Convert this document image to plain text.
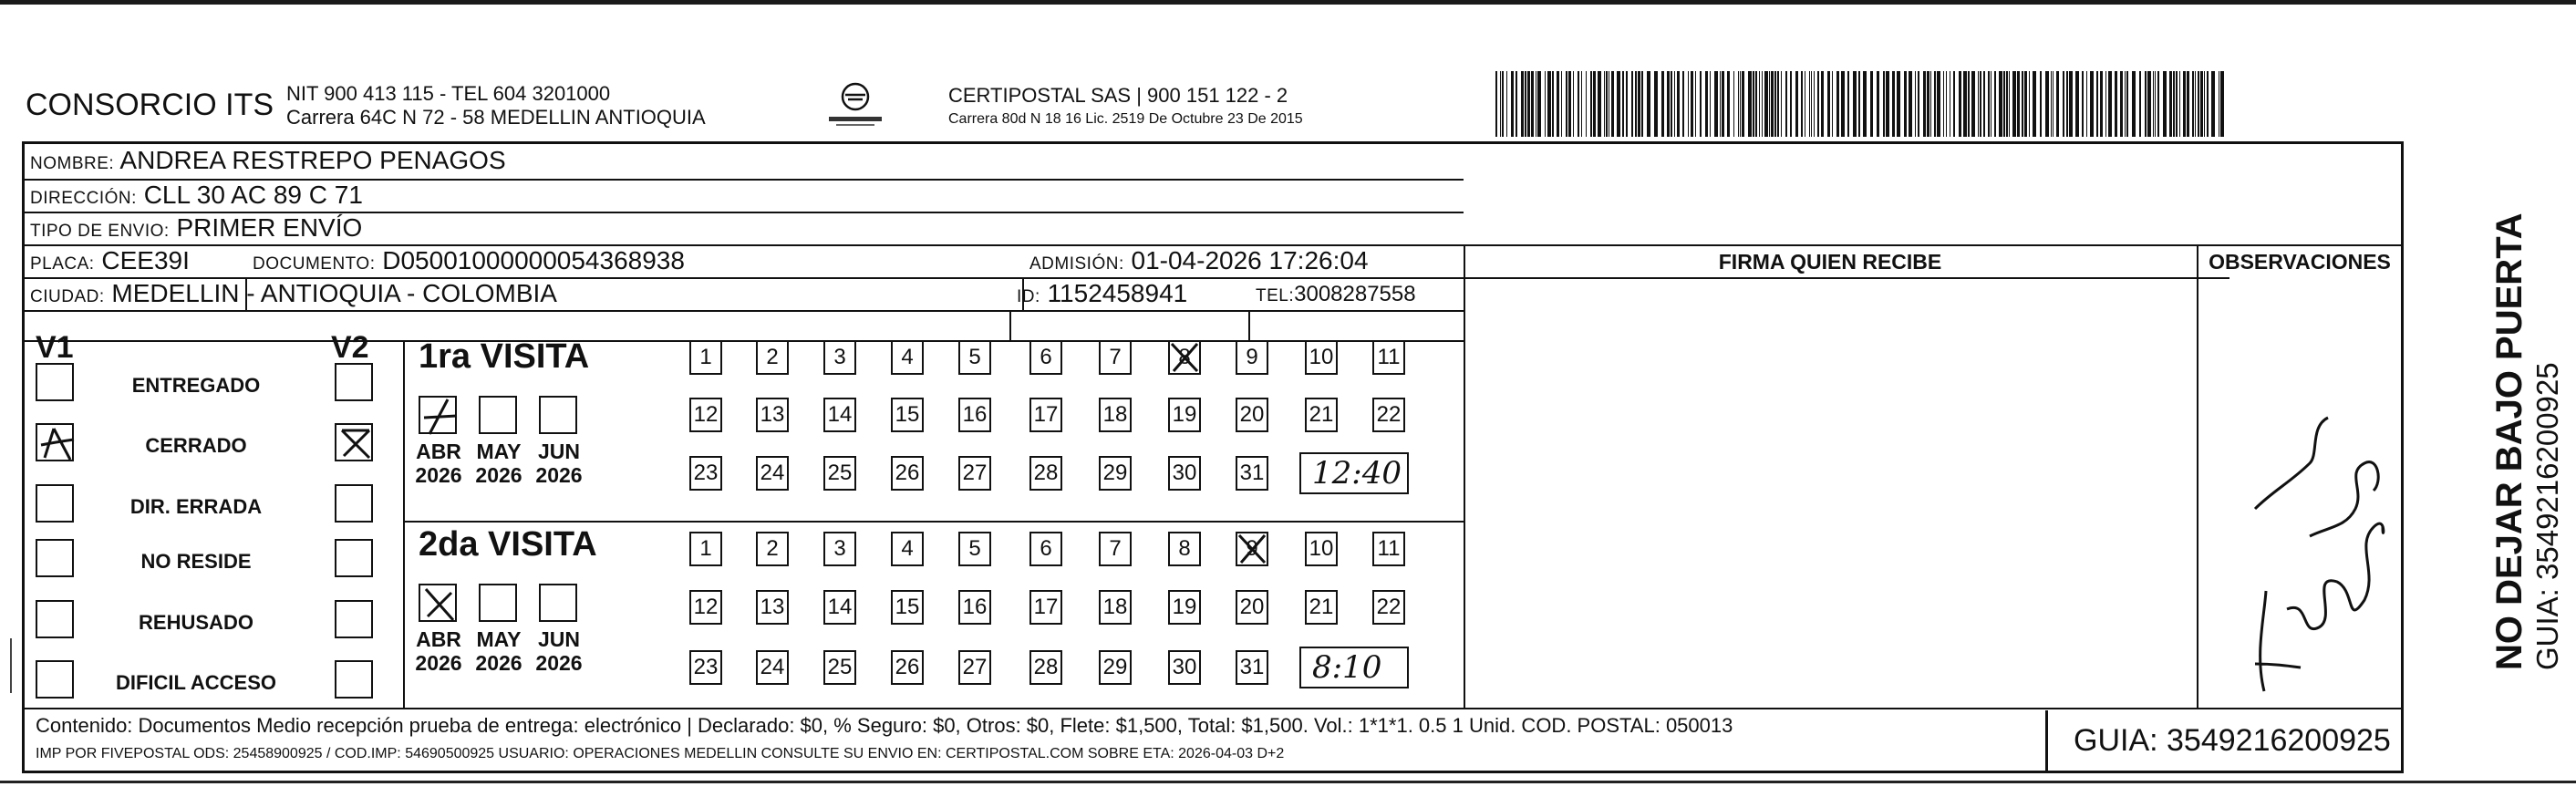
CONSORCIO ITS NIT 900 413 115 - TEL 604 3201000
Carrera 64C N 72 - 58 MEDELLIN ANTIOQUIA
CERTIPOSTAL SAS | 900 151 122 - 2
Carrera 80d N 18 16 Lic. 2519 De Octubre 23 De 2015
NOMBRE: ANDREA RESTREPO PENAGOS
DIRECCIÓN: CLL 30 AC 89 C 71
TIPO DE ENVIO: PRIMER ENVÍO
FIRMA QUIEN RECIBE	OBSERVACIONES
PLACA: CEE39I	DOCUMENTO: D05001000000054368938	ADMISIÓN: 01-04-2026 17:26:04
CIUDAD: MEDELLIN - ANTIOQUIA - COLOMBIA	ID: 1152458941	TEL:3008287558
V1	V2
ENTREGADO
CERRADO
DIR. ERRADA
NO RESIDE
REHUSADO
DIFICIL ACCESO
1ra VISITA
2da VISITA
ABR
2026
MAY
2026
JUN
2026
ABR
2026
MAY
2026
JUN
2026
1	2	3	4	5	6	7	8	9	10 11
12 13 14 15 16 17 18 19 20 21 22
23 24 25 26 27 28 29 30 31	12:40
1	2	3	4	5	6	7	8	9	10 11
12 13 14 15 16 17 18 19 20 21 22
23 24 25 26 27 28 29 30 31	8:10
Contenido: Documentos Medio recepción prueba de entrega: electrónico | Declarado: $0, % Seguro: $0, Otros: $0, Flete: $1,500, Total: $1,500. Vol.: 1*1*1. 0.5 1 Unid. COD. POSTAL: 050013
IMP POR FIVEPOSTAL ODS: 25458900925 / COD.IMP: 54690500925 USUARIO: OPERACIONES MEDELLIN CONSULTE SU ENVIO EN: CERTIPOSTAL.COM SOBRE ETA: 2026-04-03 D+2	GUIA: 3549216200925
NO DEJAR BAJO PUERTA GUIA: 3549216200925
